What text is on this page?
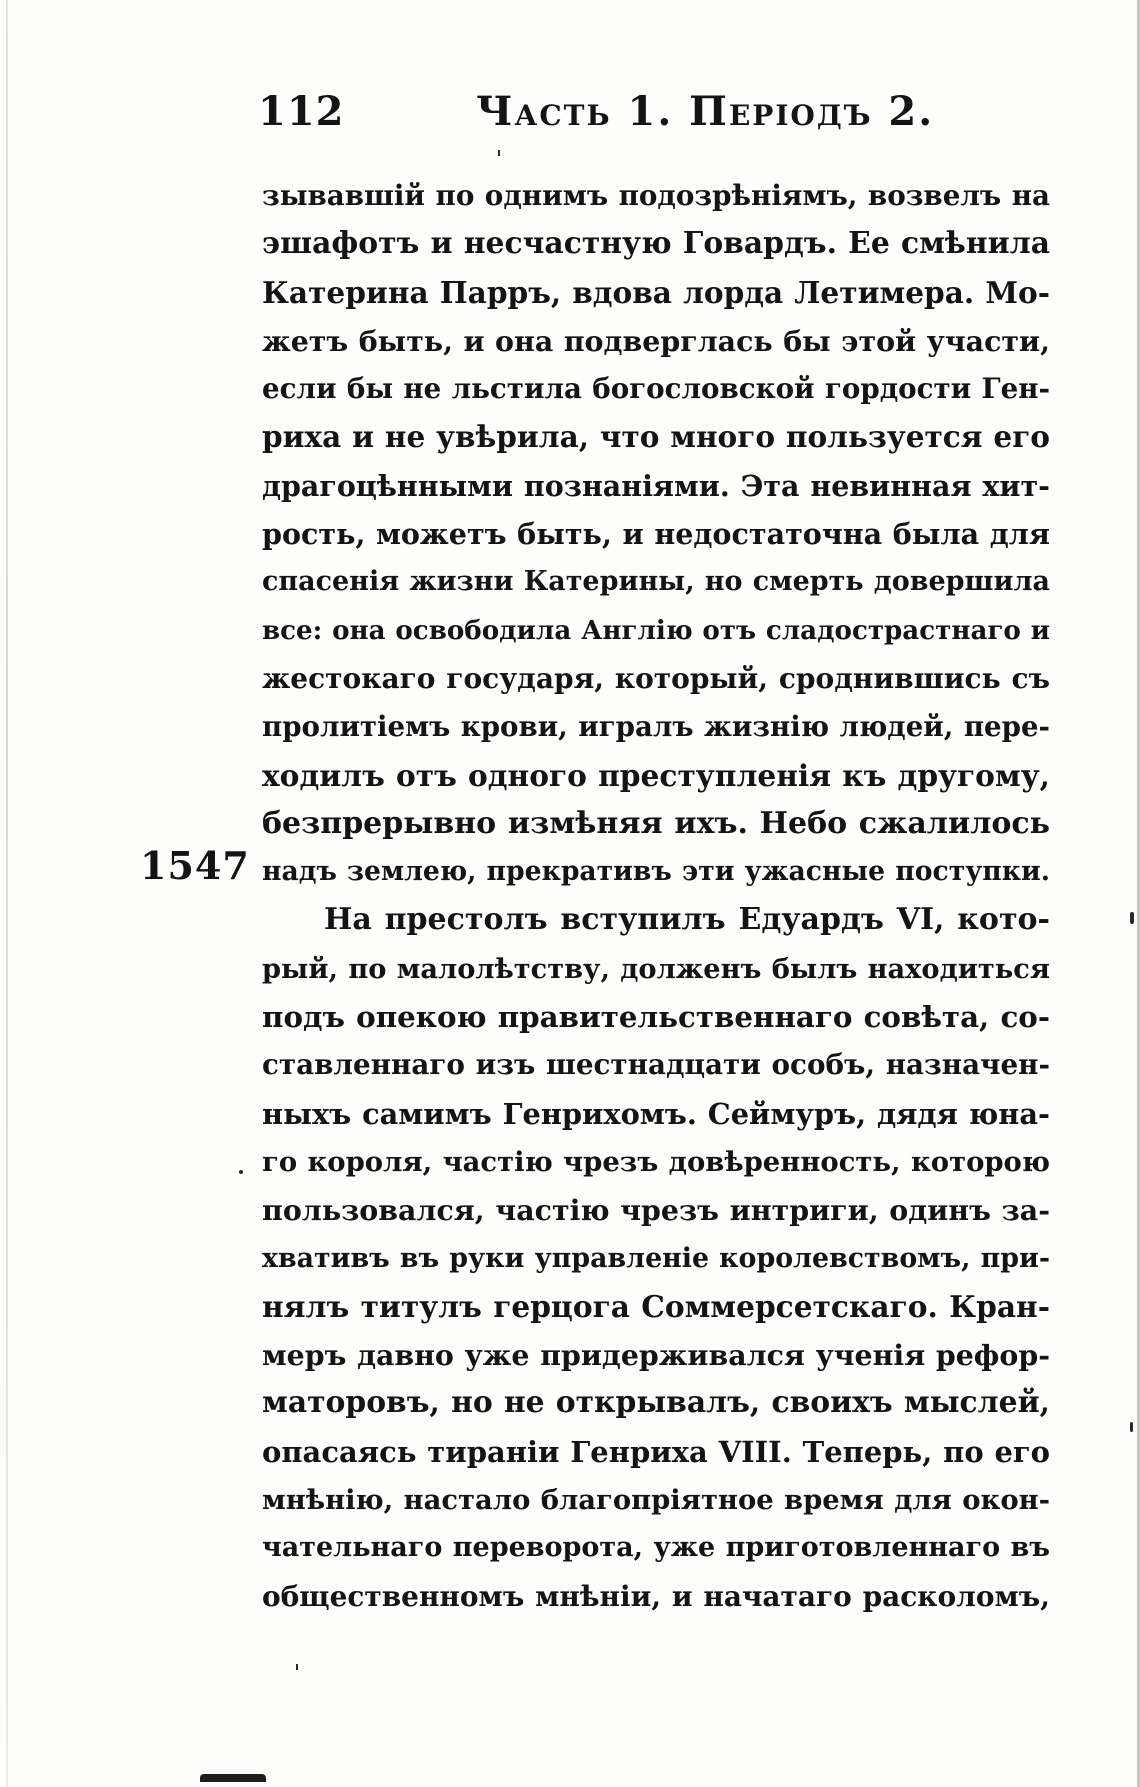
112	Часть 1. Періодъ 2.
1547
зывавшій по однимъ подозрѣніямъ, возвелъ на
эшафотъ и несчастную Говардъ. Ее смѣнила
Катерина Парръ, вдова лорда Летимера. Мо-
жетъ быть, и она подверглась бы этой участи,
если бы не льстила богословской гордости Ген-
риха и не увѣрила, что много пользуется его
драгоцѣнными познаніями. Эта невинная хит-
рость, можетъ быть, и недостаточна была для
спасенія жизни Катерины, но смерть довершила
все: она освободила Англію отъ сладострастнаго и
жестокаго государя, который, сроднившись съ
пролитіемъ крови, игралъ жизнію людей, пере-
ходилъ отъ одного преступленія къ другому,
безпрерывно измѣняя ихъ. Небо сжалилось
надъ землею, прекративъ эти ужасные поступки.
На престолъ вступилъ Едуардъ VI, кото-
рый, по малолѣтству, долженъ былъ находиться
подъ опекою правительственнаго совѣта, со-
ставленнаго изъ шестнадцати особъ, назначен-
ныхъ самимъ Генрихомъ. Сеймуръ, дядя юна-
го короля, частію чрезъ довѣренность, которою
пользовался, частію чрезъ интриги, одинъ за-
хвативъ въ руки управленіе королевствомъ, при-
нялъ титулъ герцога Соммерсетскаго. Кран-
меръ давно уже придерживался ученія рефор-
маторовъ, но не открывалъ, своихъ мыслей,
опасаясь тираніи Генриха VIII. Теперь, по его
мнѣнію, настало благопріятное время для окон-
чательнаго переворота, уже приготовленнаго въ
общественномъ мнѣніи, и начатаго расколомъ,
